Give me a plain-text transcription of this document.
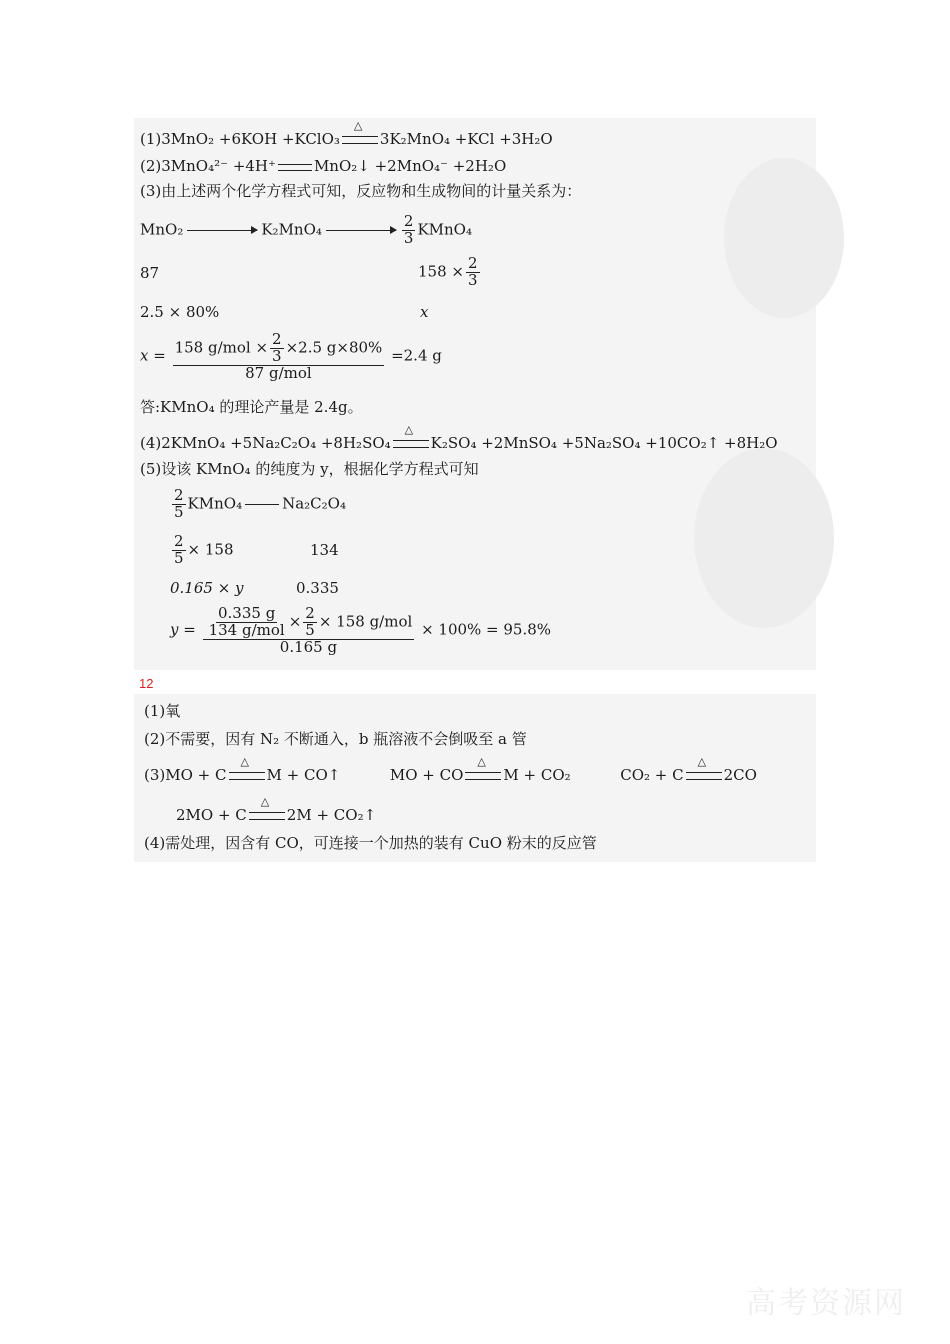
(1)3MnO₂ +6KOH +KClO₃ △	3K₂MnO₄ +KCl +3H₂O
(2)3MnO₄²⁻ +4H⁺	MnO₂↓ +2MnO₄⁻ +2H₂O
(3)由上述两个化学方程式可知，反应物和生成物间的计量关系为：
MnO₂	K₂MnO₄	$\frac{2}{3}$ KMnO₄
87	$158 \times \frac{2}{3}$
2.5 × 80%	x
$x = \frac{158 g/mol \times \frac{2}{3} \times 2.5 g\times 80\%}{\text{87 g/mol}} =2.4$ g
答:KMnO₄ 的理论产量是 2.4g。
(4)2KMnO₄ +5Na₂C₂O₄ +8H₂SO₄ △	K₂SO₄ +2MnSO₄ +5Na₂SO₄ +10CO₂↑ +8H₂O
(5)设该 KMnO₄ 的纯度为 y，根据化学方程式可知
$\frac{2}{5}$ KMnO₄	Na₂C₂O₄
$\frac{2}{5} \times 158$	134
0.165 × y	0.335
$y = \frac{\frac{0.335 g}{\text{134 g/mol}} \times \frac{2}{5} \times 158 g/mol}{0.165 g} \times 100\% = 95.8\%$
12
(1)氧
(2)不需要，因有 N₂ 不断通入，b 瓶溶液不会倒吸至 a 管
(3)MO + C △	M + CO↑	MO + CO △	M + CO₂	CO₂ + C △	2CO
2MO + C △	2M + CO₂↑
(4)需处理，因含有 CO，可连接一个加热的装有 CuO 粉末的反应管
高考资源网
